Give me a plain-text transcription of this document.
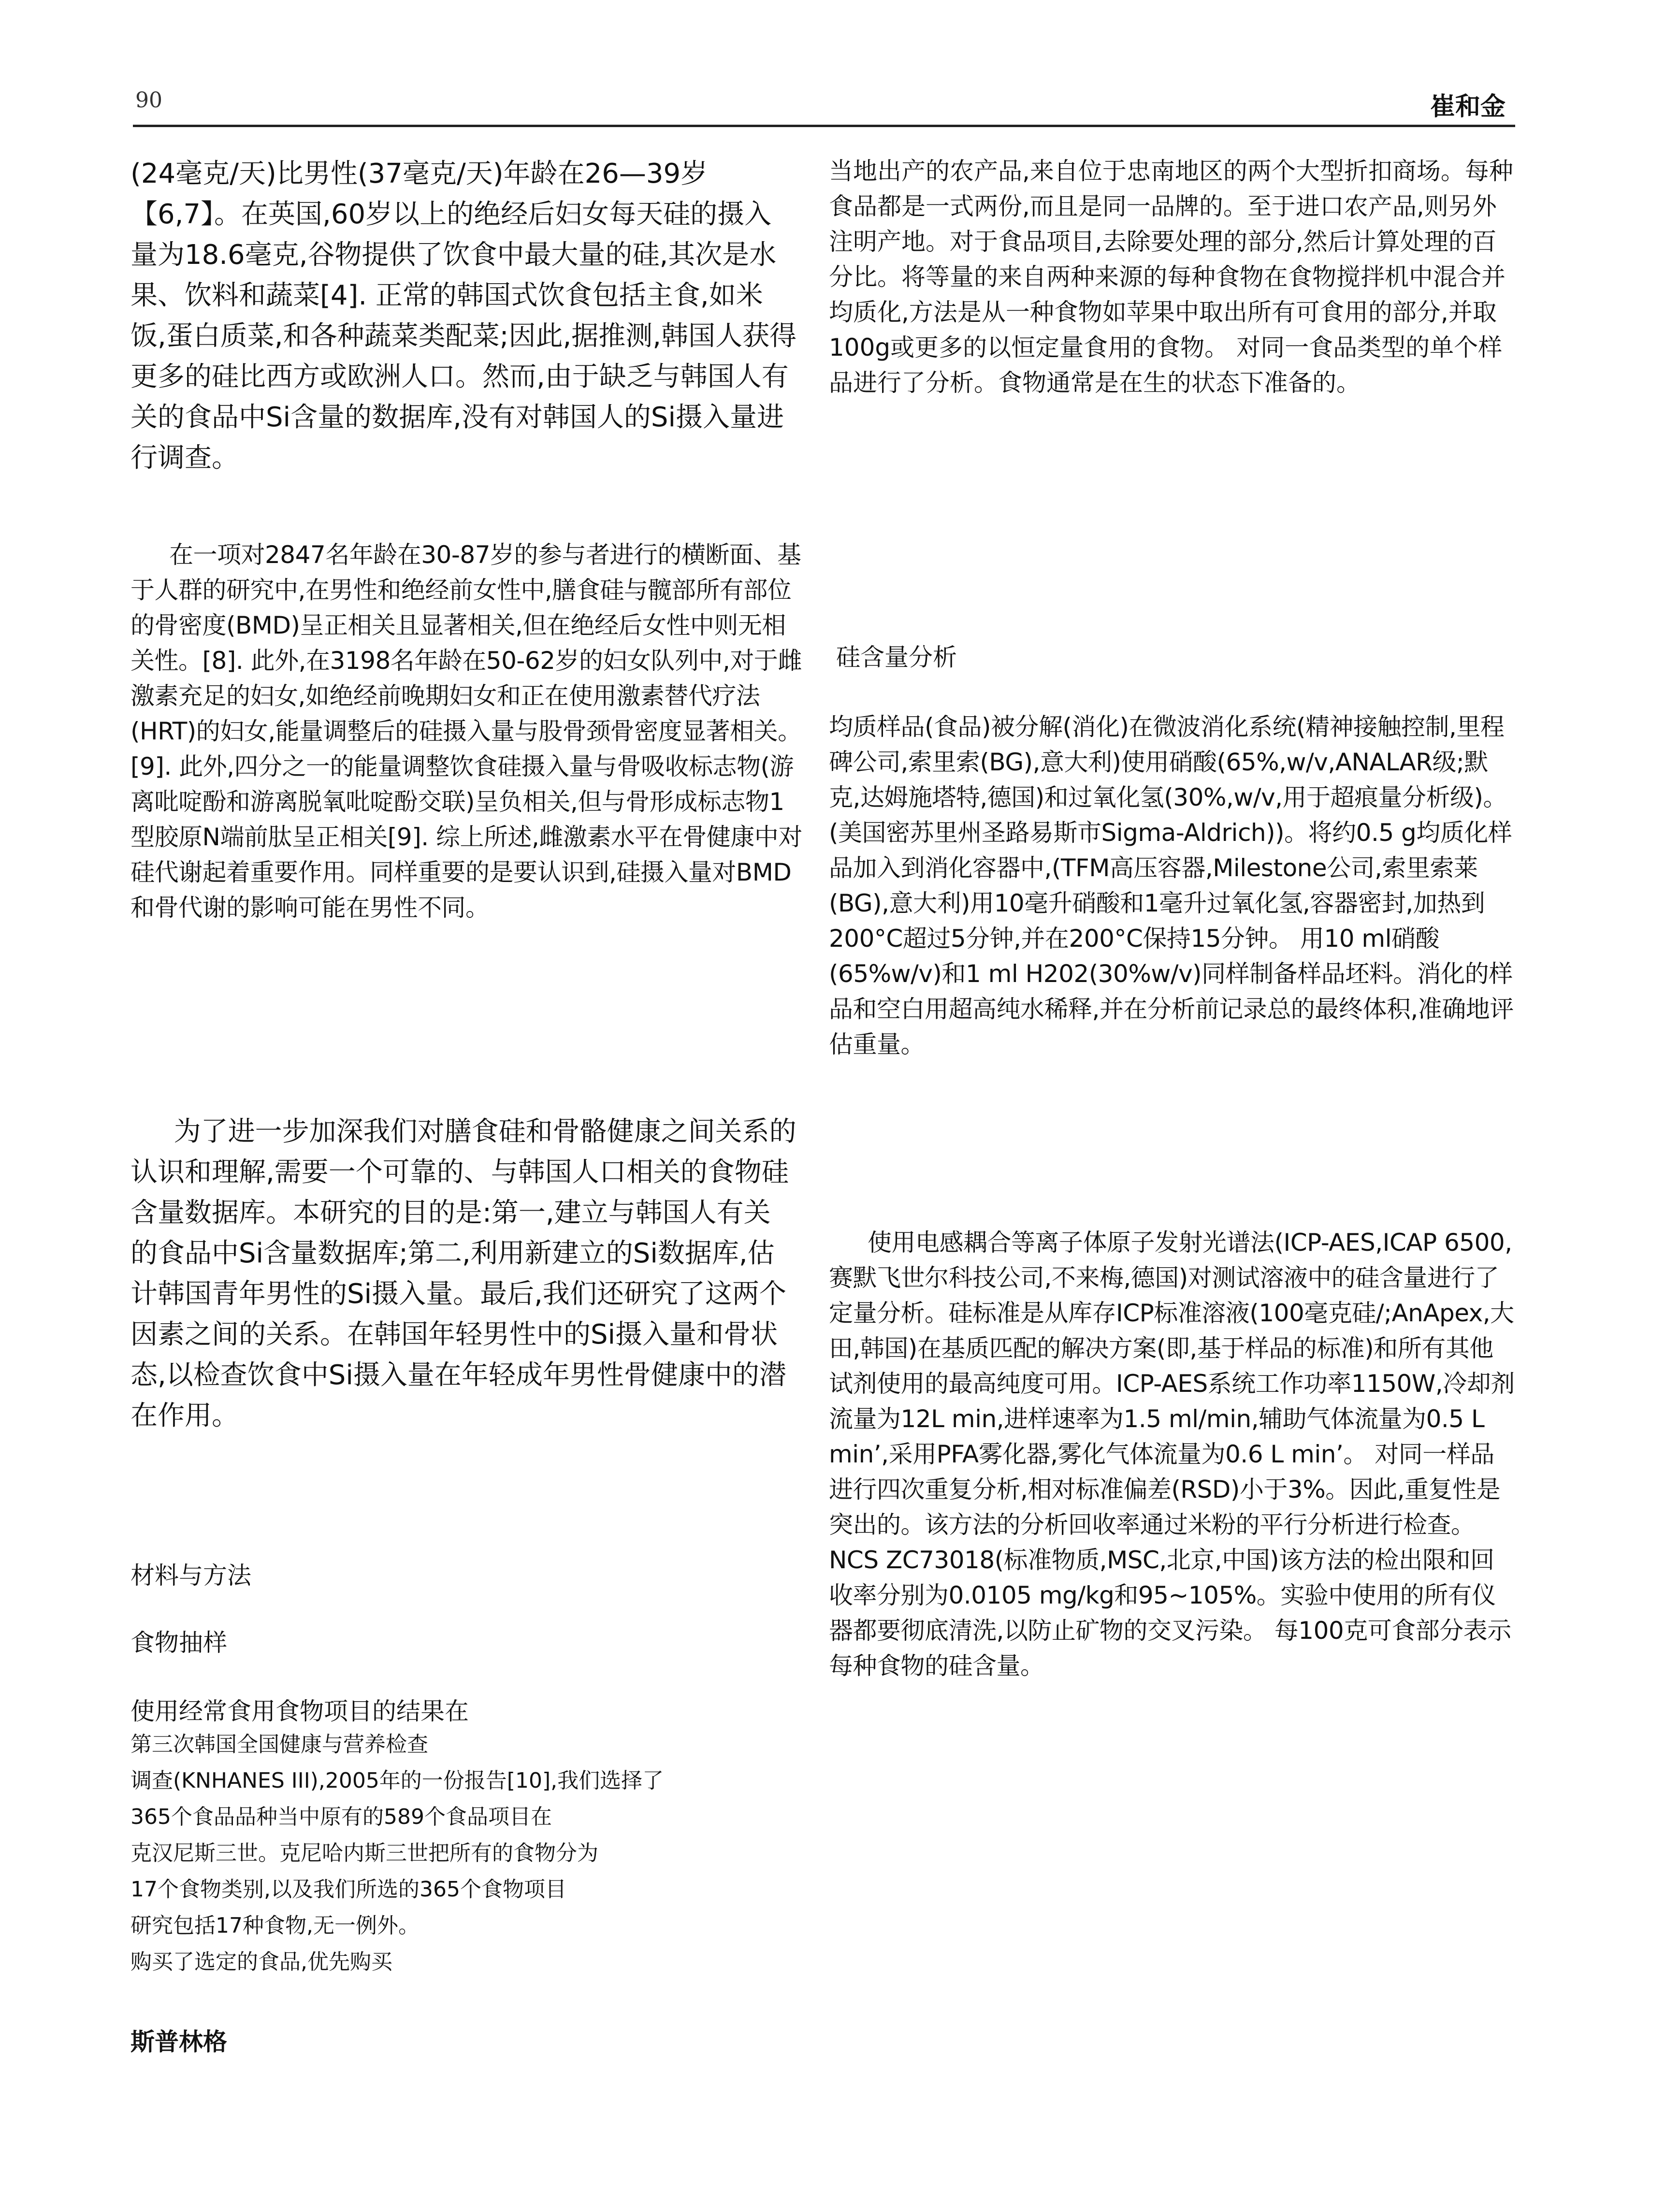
90	崔和金

(24毫克/天)比男性(37毫克/天)年龄在26—39岁【6,7】。在英国,60岁以上的绝经后妇女每天硅的摄入量为18.6毫克,谷物提供了饮食中最大量的硅,其次是水果、饮料和蔬菜[4]. 正常的韩国式饮食包括主食,如米饭,蛋白质菜,和各种蔬菜类配菜;因此,据推测,韩国人获得更多的硅比西方或欧洲人口。然而,由于缺乏与韩国人有关的食品中Si含量的数据库,没有对韩国人的Si摄入量进行调查。

在一项对2847名年龄在30-87岁的参与者进行的横断面、基于人群的研究中,在男性和绝经前女性中,膳食硅与髋部所有部位的骨密度(BMD)呈正相关且显著相关,但在绝经后女性中则无相关性。[8]. 此外,在3198名年龄在50-62岁的妇女队列中,对于雌激素充足的妇女,如绝经前晚期妇女和正在使用激素替代疗法(HRT)的妇女,能量调整后的硅摄入量与股骨颈骨密度显著相关。[9]. 此外,四分之一的能量调整饮食硅摄入量与骨吸收标志物(游离吡啶酚和游离脱氧吡啶酚交联)呈负相关,但与骨形成标志物1型胶原N端前肽呈正相关[9]. 综上所述,雌激素水平在骨健康中对硅代谢起着重要作用。同样重要的是要认识到,硅摄入量对BMD和骨代谢的影响可能在男性不同。

为了进一步加深我们对膳食硅和骨骼健康之间关系的认识和理解,需要一个可靠的、与韩国人口相关的食物硅含量数据库。本研究的目的是:第一,建立与韩国人有关的食品中Si含量数据库;第二,利用新建立的Si数据库,估计韩国青年男性的Si摄入量。最后,我们还研究了这两个因素之间的关系。在韩国年轻男性中的Si摄入量和骨状态,以检查饮食中Si摄入量在年轻成年男性骨健康中的潜在作用。

材料与方法
食物抽样
使用经常食用食物项目的结果在
第三次韩国全国健康与营养检查
调查(KNHANES III),2005年的一份报告[10],我们选择了
365个食品品种当中原有的589个食品项目在
克汉尼斯三世。克尼哈内斯三世把所有的食物分为
17个食物类别,以及我们所选的365个食物项目
研究包括17种食物,无一例外。
购买了选定的食品,优先购买
斯普林格

当地出产的农产品,来自位于忠南地区的两个大型折扣商场。每种食品都是一式两份,而且是同一品牌的。至于进口农产品,则另外注明产地。对于食品项目,去除要处理的部分,然后计算处理的百分比。将等量的来自两种来源的每种食物在食物搅拌机中混合并均质化,方法是从一种食物如苹果中取出所有可食用的部分,并取100g或更多的以恒定量食用的食物。 对同一食品类型的单个样品进行了分析。食物通常是在生的状态下准备的。

硅含量分析

均质样品(食品)被分解(消化)在微波消化系统(精神接触控制,里程碑公司,索里索(BG),意大利)使用硝酸(65%,w/v,ANALAR级;默克,达姆施塔特,德国)和过氧化氢(30%,w/v,用于超痕量分析级)。(美国密苏里州圣路易斯市Sigma-Aldrich))。将约0.5 g均质化样品加入到消化容器中,(TFM高压容器,Milestone公司,索里索莱(BG),意大利)用10毫升硝酸和1毫升过氧化氢,容器密封,加热到200°C超过5分钟,并在200°C保持15分钟。 用10 ml硝酸(65%w/v)和1 ml H202(30%w/v)同样制备样品坯料。消化的样品和空白用超高纯水稀释,并在分析前记录总的最终体积,准确地评估重量。

使用电感耦合等离子体原子发射光谱法(ICP-AES,ICAP 6500,赛默飞世尔科技公司,不来梅,德国)对测试溶液中的硅含量进行了定量分析。硅标准是从库存ICP标准溶液(100毫克硅/;AnApex,大田,韩国)在基质匹配的解决方案(即,基于样品的标准)和所有其他试剂使用的最高纯度可用。ICP-AES系统工作功率1150W,冷却剂流量为12L min,进样速率为1.5 ml/min,辅助气体流量为0.5 L min’,采用PFA雾化器,雾化气体流量为0.6 L min’。 对同一样品进行四次重复分析,相对标准偏差(RSD)小于3%。因此,重复性是突出的。该方法的分析回收率通过米粉的平行分析进行检查。NCS ZC73018(标准物质,MSC,北京,中国)该方法的检出限和回收率分别为0.0105 mg/kg和95~105%。实验中使用的所有仪器都要彻底清洗,以防止矿物的交叉污染。 每100克可食部分表示每种食物的硅含量。
